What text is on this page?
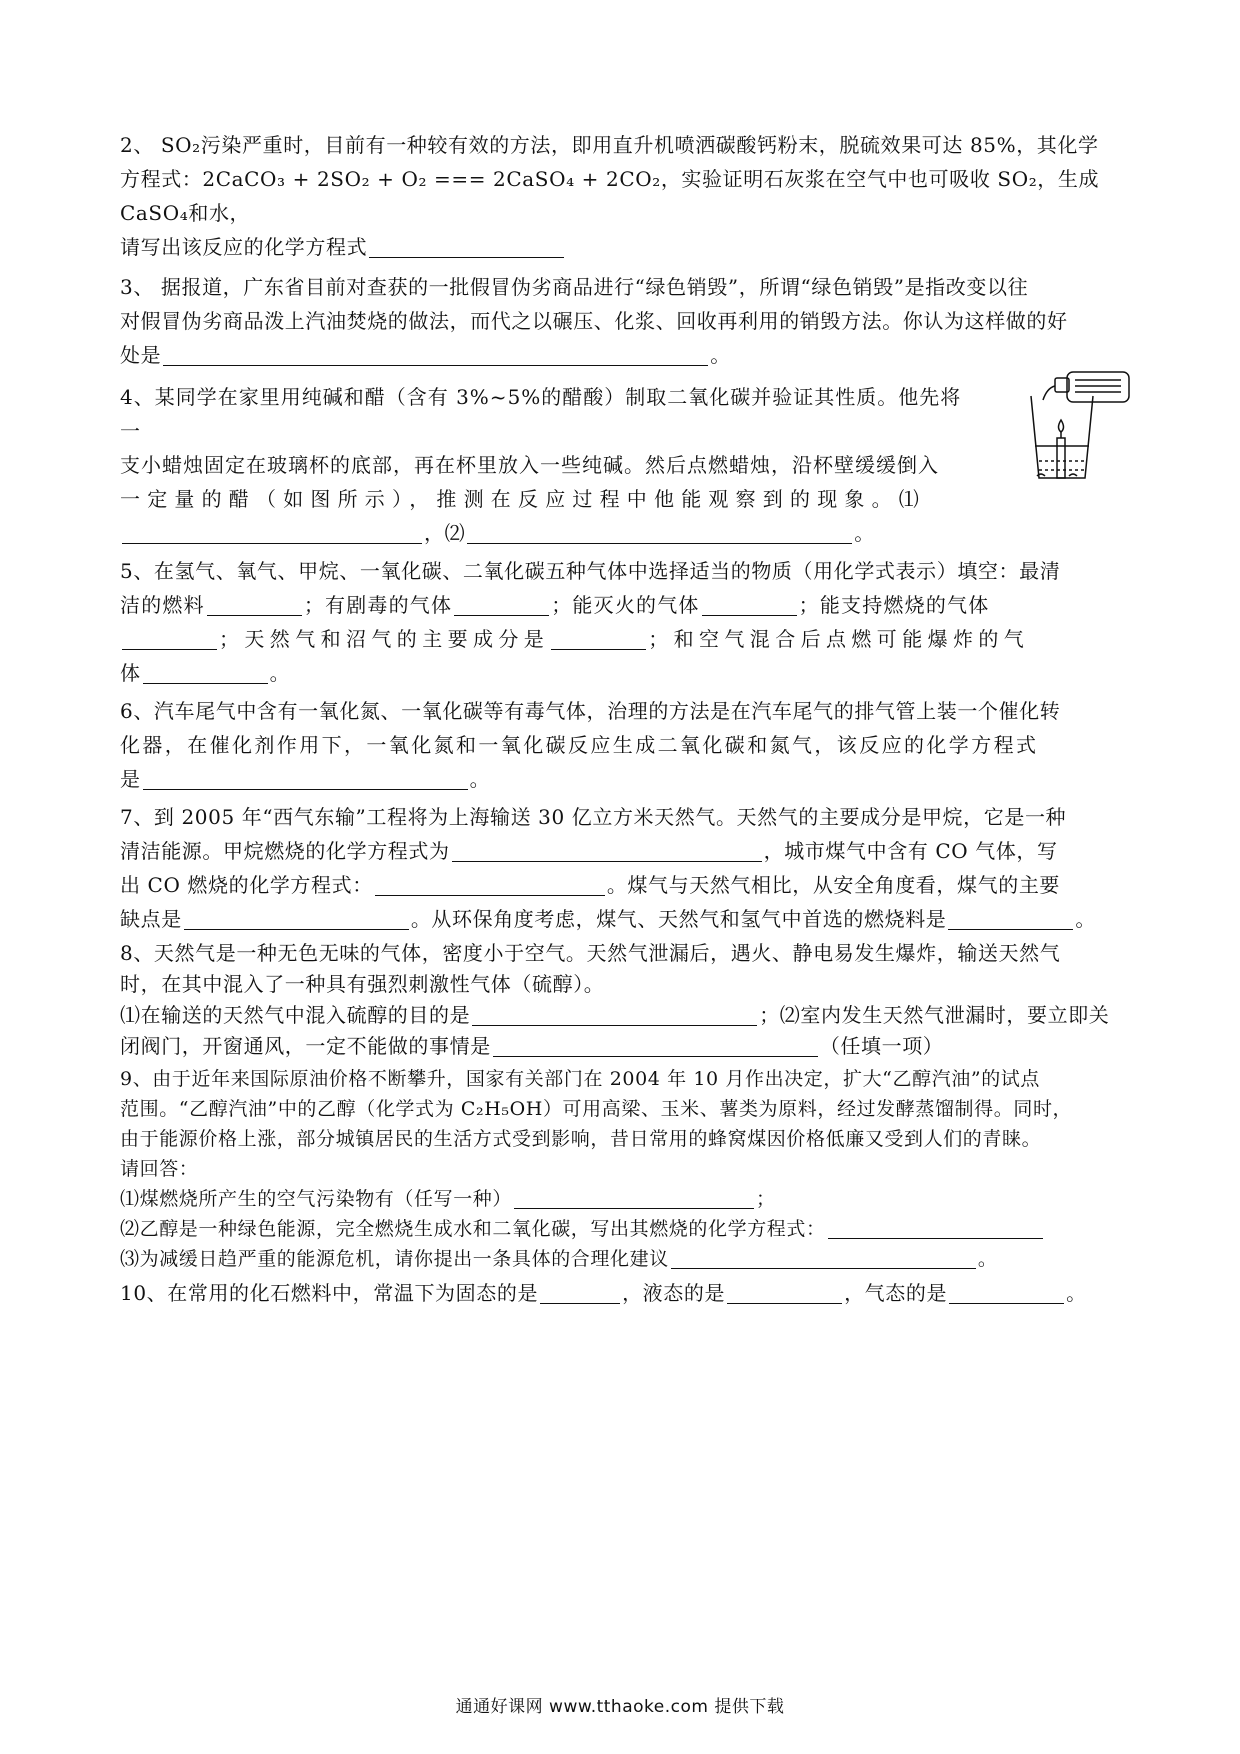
2、 SO₂污染严重时，目前有一种较有效的方法，即用直升机喷洒碳酸钙粉末，脱硫效果可达 85%，其化学

方程式：2CaCO₃ + 2SO₂ + O₂ === 2CaSO₄ + 2CO₂，实验证明石灰浆在空气中也可吸收 SO₂，生成 CaSO₄和水，

请写出该反应的化学方程式

3、 据报道，广东省目前对查获的一批假冒伪劣商品进行“绿色销毁”，所谓“绿色销毁”是指改变以往

对假冒伪劣商品泼上汽油焚烧的做法，而代之以碾压、化浆、回收再利用的销毁方法。你认为这样做的好

处是	。

4、某同学在家里用纯碱和醋（含有 3%~5%的醋酸）制取二氧化碳并验证其性质。他先将一

支小蜡烛固定在玻璃杯的底部，再在杯里放入一些纯碱。然后点燃蜡烛，沿杯壁缓缓倒入

一定量的醋（如图所示），推测在反应过程中他能观察到的现象。⑴

，⑵	。

5、在氢气、氧气、甲烷、一氧化碳、二氧化碳五种气体中选择适当的物质（用化学式表示）填空：最清

洁的燃料	；有剧毒的气体	；能灭火的气体	；能支持燃烧的气体

；天然气和沼气的主要成分是	；和空气混合后点燃可能爆炸的气

体	。

6、汽车尾气中含有一氧化氮、一氧化碳等有毒气体，治理的方法是在汽车尾气的排气管上装一个催化转

化器，在催化剂作用下，一氧化氮和一氧化碳反应生成二氧化碳和氮气，该反应的化学方程式

是	。

7、到 2005 年“西气东输”工程将为上海输送 30 亿立方米天然气。天然气的主要成分是甲烷，它是一种

清洁能源。甲烷燃烧的化学方程式为	，城市煤气中含有 CO 气体，写

出 CO 燃烧的化学方程式：	。煤气与天然气相比，从安全角度看，煤气的主要

缺点是	。从环保角度考虑，煤气、天然气和氢气中首选的燃烧料是	。

8、天然气是一种无色无味的气体，密度小于空气。天然气泄漏后，遇火、静电易发生爆炸，输送天然气

时，在其中混入了一种具有强烈刺激性气体（硫醇）。

⑴在输送的天然气中混入硫醇的目的是	；⑵室内发生天然气泄漏时，要立即关

闭阀门，开窗通风，一定不能做的事情是	（任填一项）

9、由于近年来国际原油价格不断攀升，国家有关部门在 2004 年 10 月作出决定，扩大“乙醇汽油”的试点

范围。“乙醇汽油”中的乙醇（化学式为 C₂H₅OH）可用高梁、玉米、薯类为原料，经过发酵蒸馏制得。同时，

由于能源价格上涨，部分城镇居民的生活方式受到影响，昔日常用的蜂窝煤因价格低廉又受到人们的青睐。

请回答：

⑴煤燃烧所产生的空气污染物有（任写一种）	；

⑵乙醇是一种绿色能源，完全燃烧生成水和二氧化碳，写出其燃烧的化学方程式：

⑶为减缓日趋严重的能源危机，请你提出一条具体的合理化建议	。

10、在常用的化石燃料中，常温下为固态的是	，液态的是	，气态的是	。

通通好课网 www.tthaoke.com 提供下载
